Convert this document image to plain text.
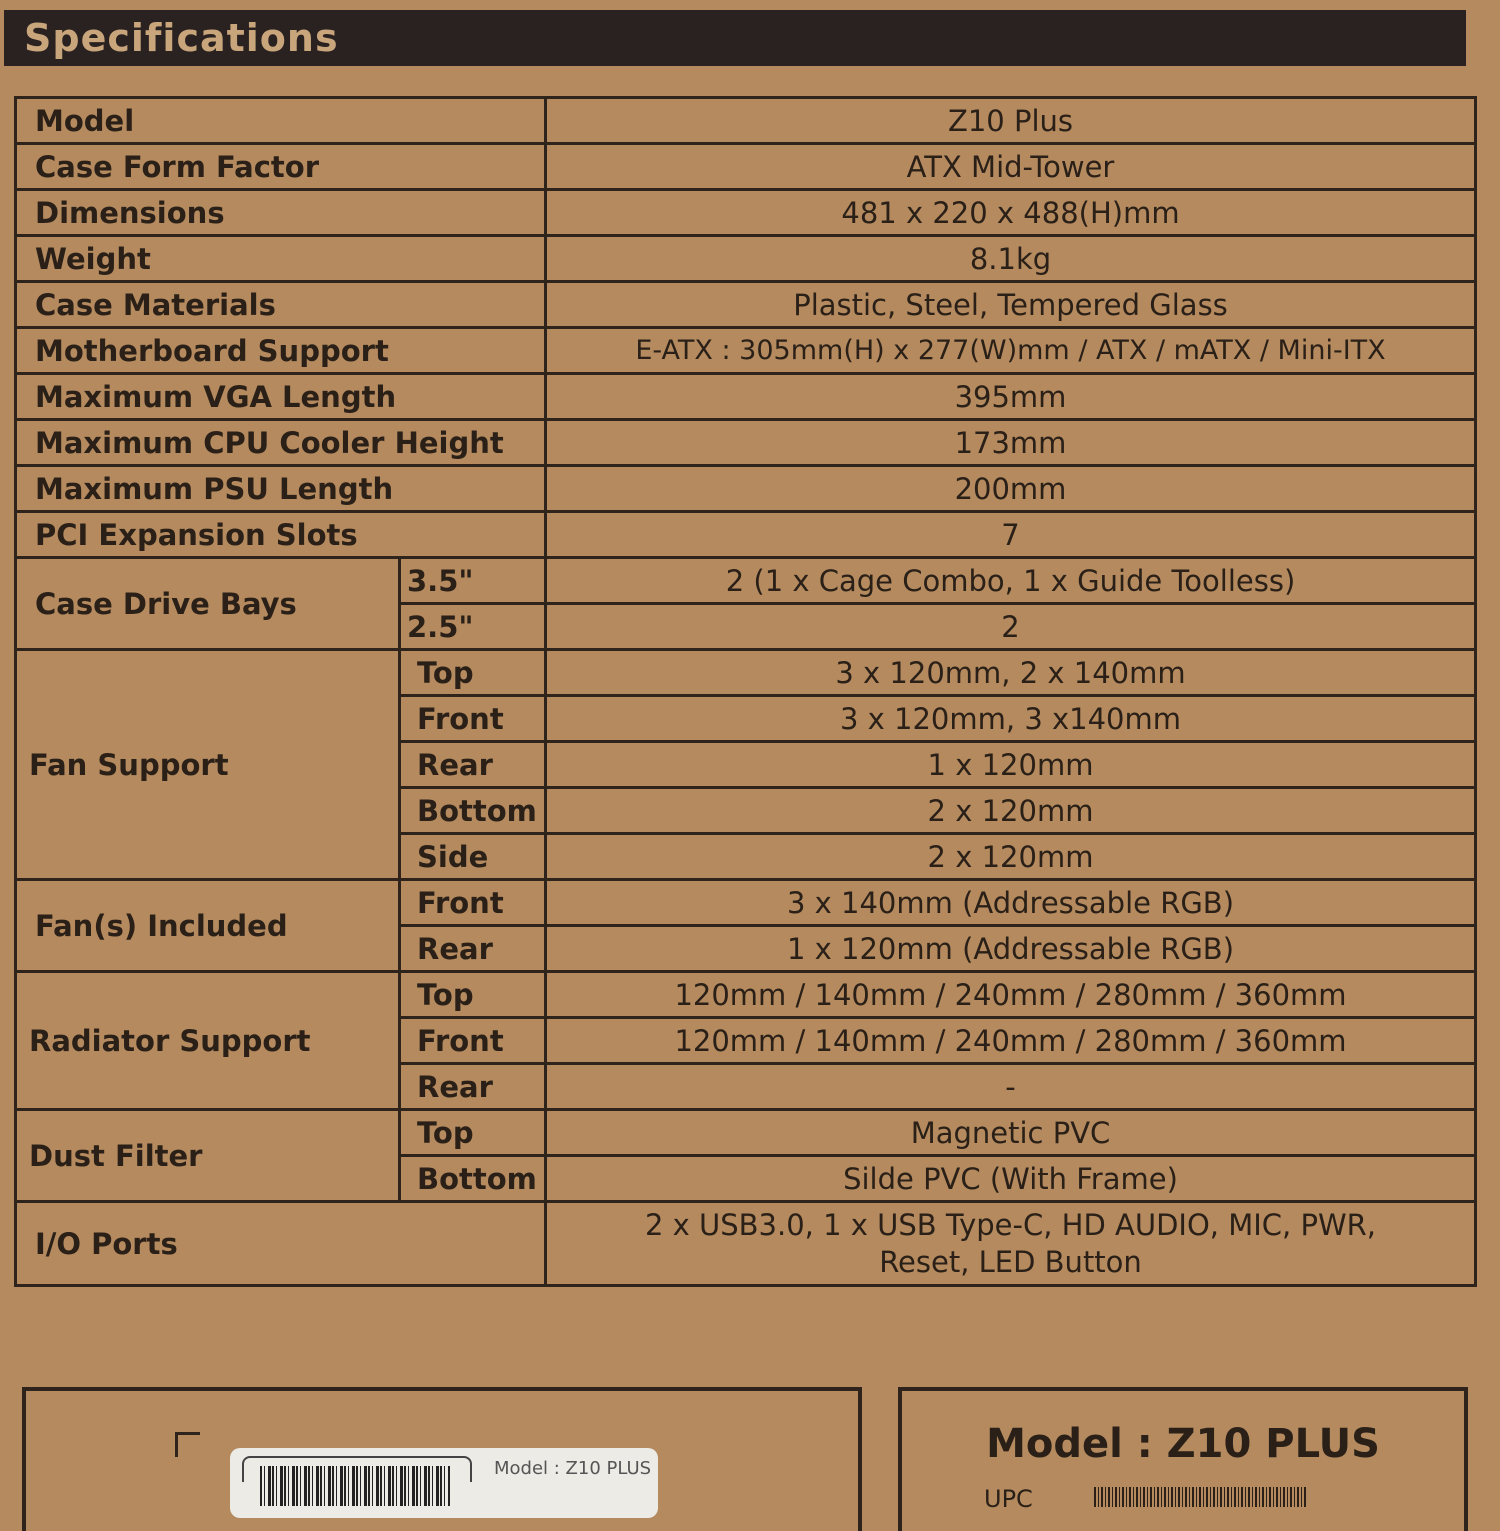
Specifications
Model		Z10 Plus
Case Form Factor		ATX Mid-Tower
Dimensions		481 x 220 x 488(H)mm
Weight		8.1kg
Case Materials		Plastic, Steel, Tempered Glass
Motherboard Support		E-ATX : 305mm(H) x 277(W)mm / ATX / mATX / Mini-ITX
Maximum VGA Length		395mm
Maximum CPU Cooler Height		173mm
Maximum PSU Length		200mm
PCI Expansion Slots		7
Case Drive Bays	3.5"	2 (1 x Cage Combo, 1 x Guide Toolless)
	2.5"	2
Fan Support	Top	3 x 120mm, 2 x 140mm
	Front	3 x 120mm, 3 x140mm
	Rear	1 x 120mm
	Bottom	2 x 120mm
	Side	2 x 120mm
Fan(s) Included	Front	3 x 140mm (Addressable RGB)
	Rear	1 x 120mm (Addressable RGB)
Radiator Support	Top	120mm / 140mm / 240mm / 280mm / 360mm
	Front	120mm / 140mm / 240mm / 280mm / 360mm
	Rear	-
Dust Filter	Top	Magnetic PVC
	Bottom	Silde PVC (With Frame)
I/O Ports		2 x USB3.0, 1 x USB Type-C, HD AUDIO, MIC, PWR, Reset, LED Button
Model : Z10 PLUS
Model : Z10 PLUS
UPC
